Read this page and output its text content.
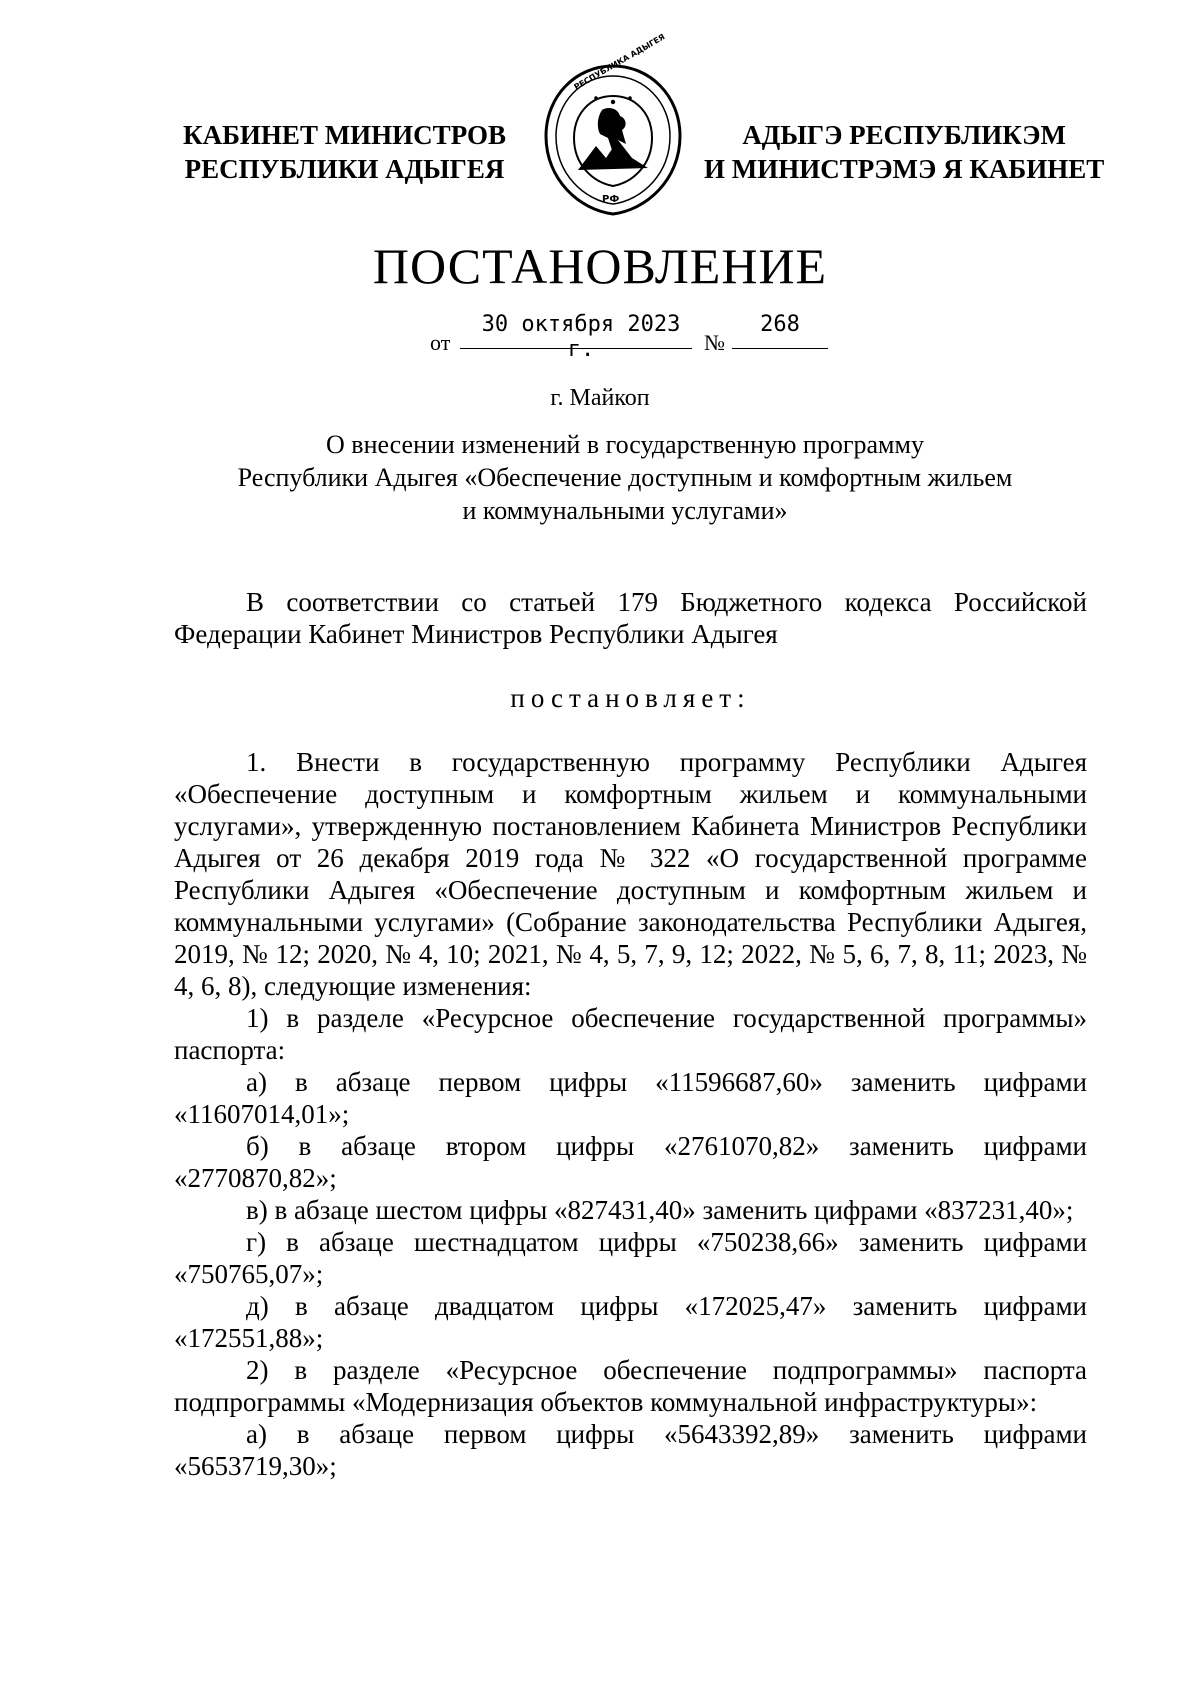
КАБИНЕТ МИНИСТРОВ
РЕСПУБЛИКИ АДЫГЕЯ
РЕСПУБЛИКА АДЫГЕЯ
РФ
АДЫГЭ РЕСПУБЛИКЭМ
И МИНИСТРЭМЭ Я КАБИНЕТ
ПОСТАНОВЛЕНИЕ
от
30 октября 2023 г.	№
268
г. Майкоп
О внесении изменений в государственную программу
Республики Адыгея «Обеспечение доступным и комфортным жильем
и коммунальными услугами»

В соответствии со статьей 179 Бюджетного кодекса Российской Федерации Кабинет Министров Республики Адыгея

постановляет:

1. Внести в государственную программу Республики Адыгея «Обеспечение доступным и комфортным жильем и коммунальными услугами», утвержденную постановлением Кабинета Министров Республики Адыгея от 26 декабря 2019 года № 322 «О государственной программе Республики Адыгея «Обеспечение доступным и комфортным жильем и коммунальными услугами» (Собрание законодательства Республики Адыгея, 2019, № 12; 2020, № 4, 10; 2021, № 4, 5, 7, 9, 12; 2022, № 5, 6, 7, 8, 11; 2023, № 4, 6, 8), следующие изменения:

1) в разделе «Ресурсное обеспечение государственной программы» паспорта:

а) в абзаце первом цифры «11596687,60» заменить цифрами «11607014,01»;

б) в абзаце втором цифры «2761070,82» заменить цифрами «2770870,82»;

в) в абзаце шестом цифры «827431,40» заменить цифрами «837231,40»;

г) в абзаце шестнадцатом цифры «750238,66» заменить цифрами «750765,07»;

д) в абзаце двадцатом цифры «172025,47» заменить цифрами «172551,88»;

2) в разделе «Ресурсное обеспечение подпрограммы» паспорта подпрограммы «Модернизация объектов коммунальной инфраструктуры»:

а) в абзаце первом цифры «5643392,89» заменить цифрами «5653719,30»;
